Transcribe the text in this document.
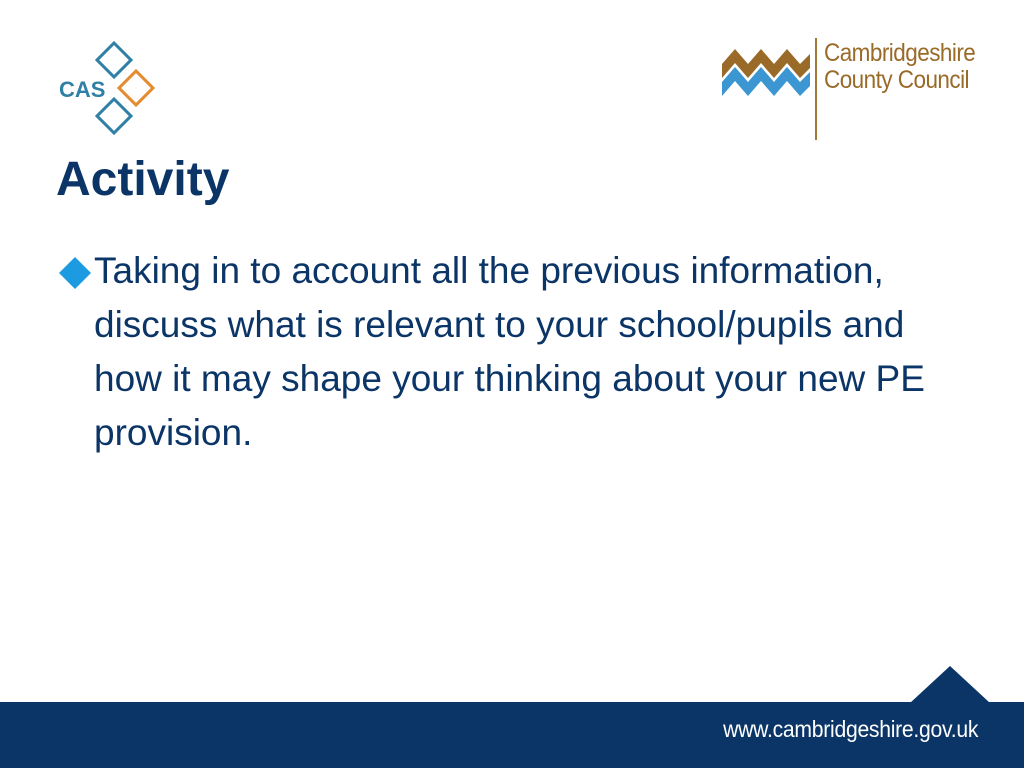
CAS
Cambridgeshire
County Council
Activity
Taking in to account all the previous information, discuss what is relevant to your school/pupils and how it may shape your thinking about your new PE provision.
www.cambridgeshire.gov.uk
